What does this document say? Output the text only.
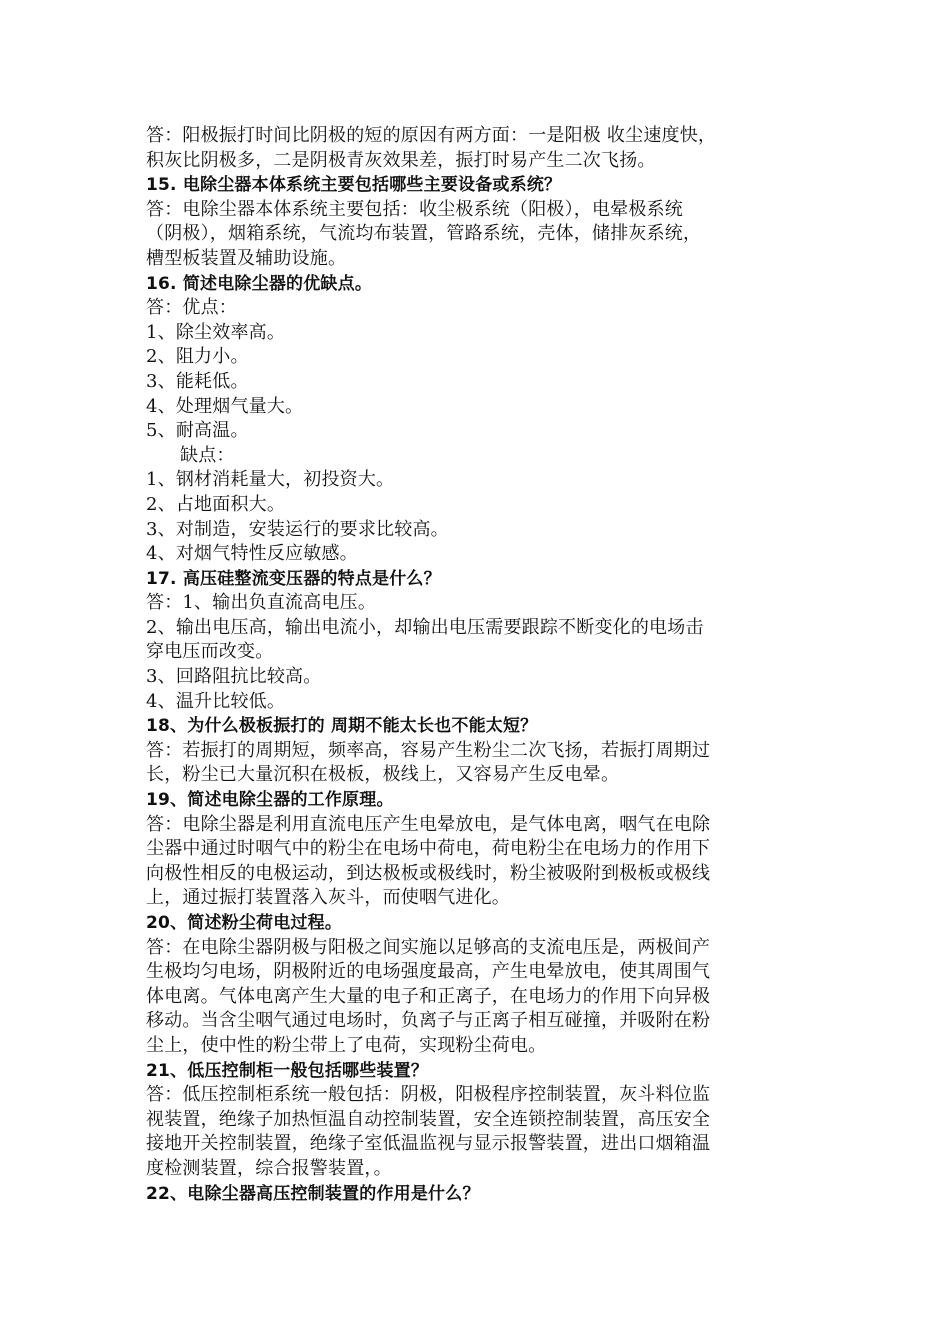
答：阳极振打时间比阴极的短的原因有两方面：一是阳极 收尘速度快，
积灰比阴极多，二是阴极青灰效果差，振打时易产生二次飞扬。
15. 电除尘器本体系统主要包括哪些主要设备或系统？
答：电除尘器本体系统主要包括：收尘极系统（阳极），电晕极系统
（阴极），烟箱系统，气流均布装置，管路系统，壳体，储排灰系统，
槽型板装置及辅助设施。
16. 简述电除尘器的优缺点。
答：优点：
1、除尘效率高。
2、阻力小。
3、能耗低。
4、处理烟气量大。
5、耐高温。
缺点：
1、钢材消耗量大，初投资大。
2、占地面积大。
3、对制造，安装运行的要求比较高。
4、对烟气特性反应敏感。
17. 高压硅整流变压器的特点是什么？
答：1、输出负直流高电压。
2、输出电压高，输出电流小，却输出电压需要跟踪不断变化的电场击
穿电压而改变。
3、回路阻抗比较高。
4、温升比较低。
18、为什么极板振打的 周期不能太长也不能太短？
答：若振打的周期短，频率高，容易产生粉尘二次飞扬，若振打周期过
长，粉尘已大量沉积在极板，极线上，又容易产生反电晕。
19、简述电除尘器的工作原理。
答：电除尘器是利用直流电压产生电晕放电，是气体电离，咽气在电除
尘器中通过时咽气中的粉尘在电场中荷电，荷电粉尘在电场力的作用下
向极性相反的电极运动，到达极板或极线时，粉尘被吸附到极板或极线
上，通过振打装置落入灰斗，而使咽气进化。
20、简述粉尘荷电过程。
答：在电除尘器阴极与阳极之间实施以足够高的支流电压是，两极间产
生极均匀电场，阴极附近的电场强度最高，产生电晕放电，使其周围气
体电离。气体电离产生大量的电子和正离子，在电场力的作用下向异极
移动。当含尘咽气通过电场时，负离子与正离子相互碰撞，并吸附在粉
尘上，使中性的粉尘带上了电荷，实现粉尘荷电。
21、低压控制柜一般包括哪些装置？
答：低压控制柜系统一般包括：阴极，阳极程序控制装置，灰斗料位监
视装置，绝缘子加热恒温自动控制装置，安全连锁控制装置，高压安全
接地开关控制装置，绝缘子室低温监视与显示报警装置，进出口烟箱温
度检测装置，综合报警装置，。
22、电除尘器高压控制装置的作用是什么？
